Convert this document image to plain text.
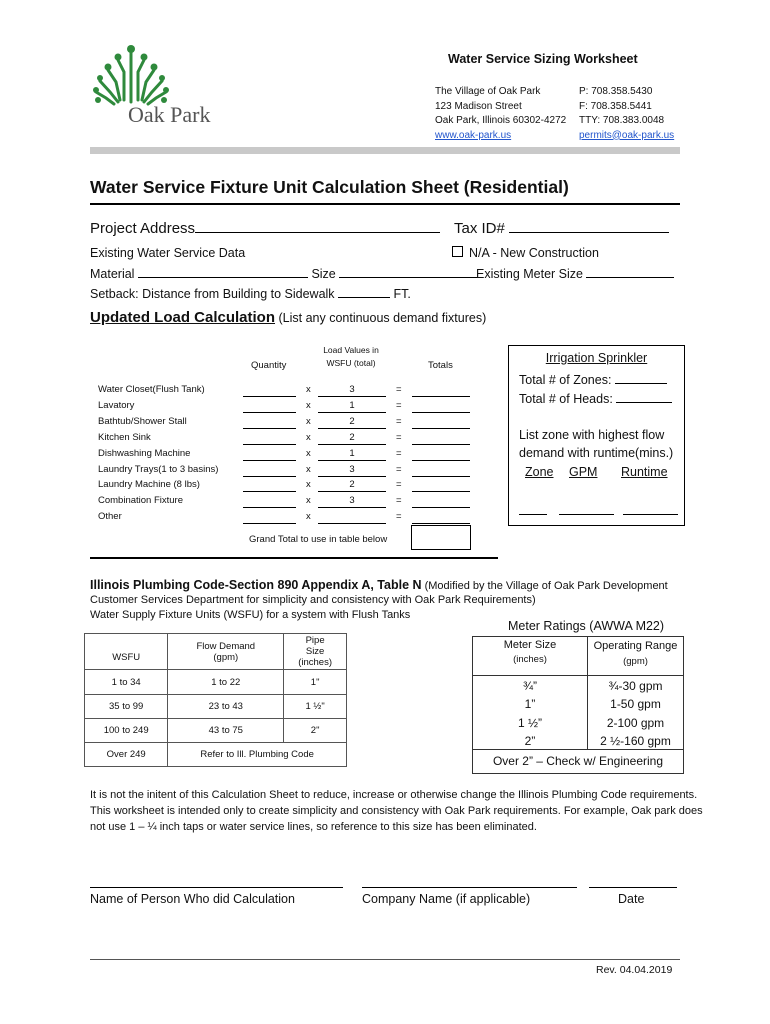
Oak Park
Water Service Sizing Worksheet
The Village of Oak Park
123 Madison Street
Oak Park, Illinois 60302-4272
www.oak-park.us
P: 708.358.5430
F: 708.358.5441
TTY: 708.383.0048
permits@oak-park.us
Water Service Fixture Unit Calculation Sheet (Residential)
Project Address	Tax ID#
Existing Water Service Data	N/A - New Construction
Material	Size	Existing Meter Size
Setback: Distance from Building to Sidewalk	FT.
Updated Load Calculation (List any continuous demand fixtures)
Quantity
Load Values in WSFU (total)	Totals
Water Closet(Flush Tank)	x	3	=
Lavatory	x	1	=
Bathtub/Shower Stall	x	2	=
Kitchen Sink	x	2	=
Dishwashing Machine	x	1	=
Laundry Trays(1 to 3 basins)	x	3	=
Laundry Machine (8 lbs)	x	2	=
Combination Fixture	x	3	=
Other	x	=
Grand Total to use in table below
Irrigation Sprinkler
Total # of Zones:
Total # of Heads:
List zone with highest flow
demand with runtime(mins.)
Zone GPM Runtime
Illinois Plumbing Code-Section 890 Appendix A, Table N (Modified by the Village of Oak Park Development
Customer Services Department for simplicity and consistency with Oak Park Requirements)
Water Supply Fixture Units (WSFU) for a system with Flush Tanks
WSFU	Flow Demand (gpm)	Pipe Size (inches)
1 to 34	1 to 22	1"
35 to 99	23 to 43	1 ½"
100 to 249	43 to 75	2"
Over 249	Refer to Ill. Plumbing Code	
Meter Ratings (AWWA M22)
Meter Size
(inches)
Operating Range
(gpm)
¾”	¾-30 gpm
1”	1-50 gpm
1 ½”	2-100 gpm
2”	2 ½-160 gpm
Over 2” – Check w/ Engineering
It is not the initent of this Calculation Sheet to reduce, increase or otherwise change the Illinois Plumbing Code requirements.
This worksheet is intended only to create simplicity and consistency with Oak Park requirements. For example, Oak park does
not use 1 – ¼ inch taps or water service lines, so reference to this size has been eliminated.
Name of Person Who did Calculation	Company Name (if applicable)	Date
Rev. 04.04.2019
